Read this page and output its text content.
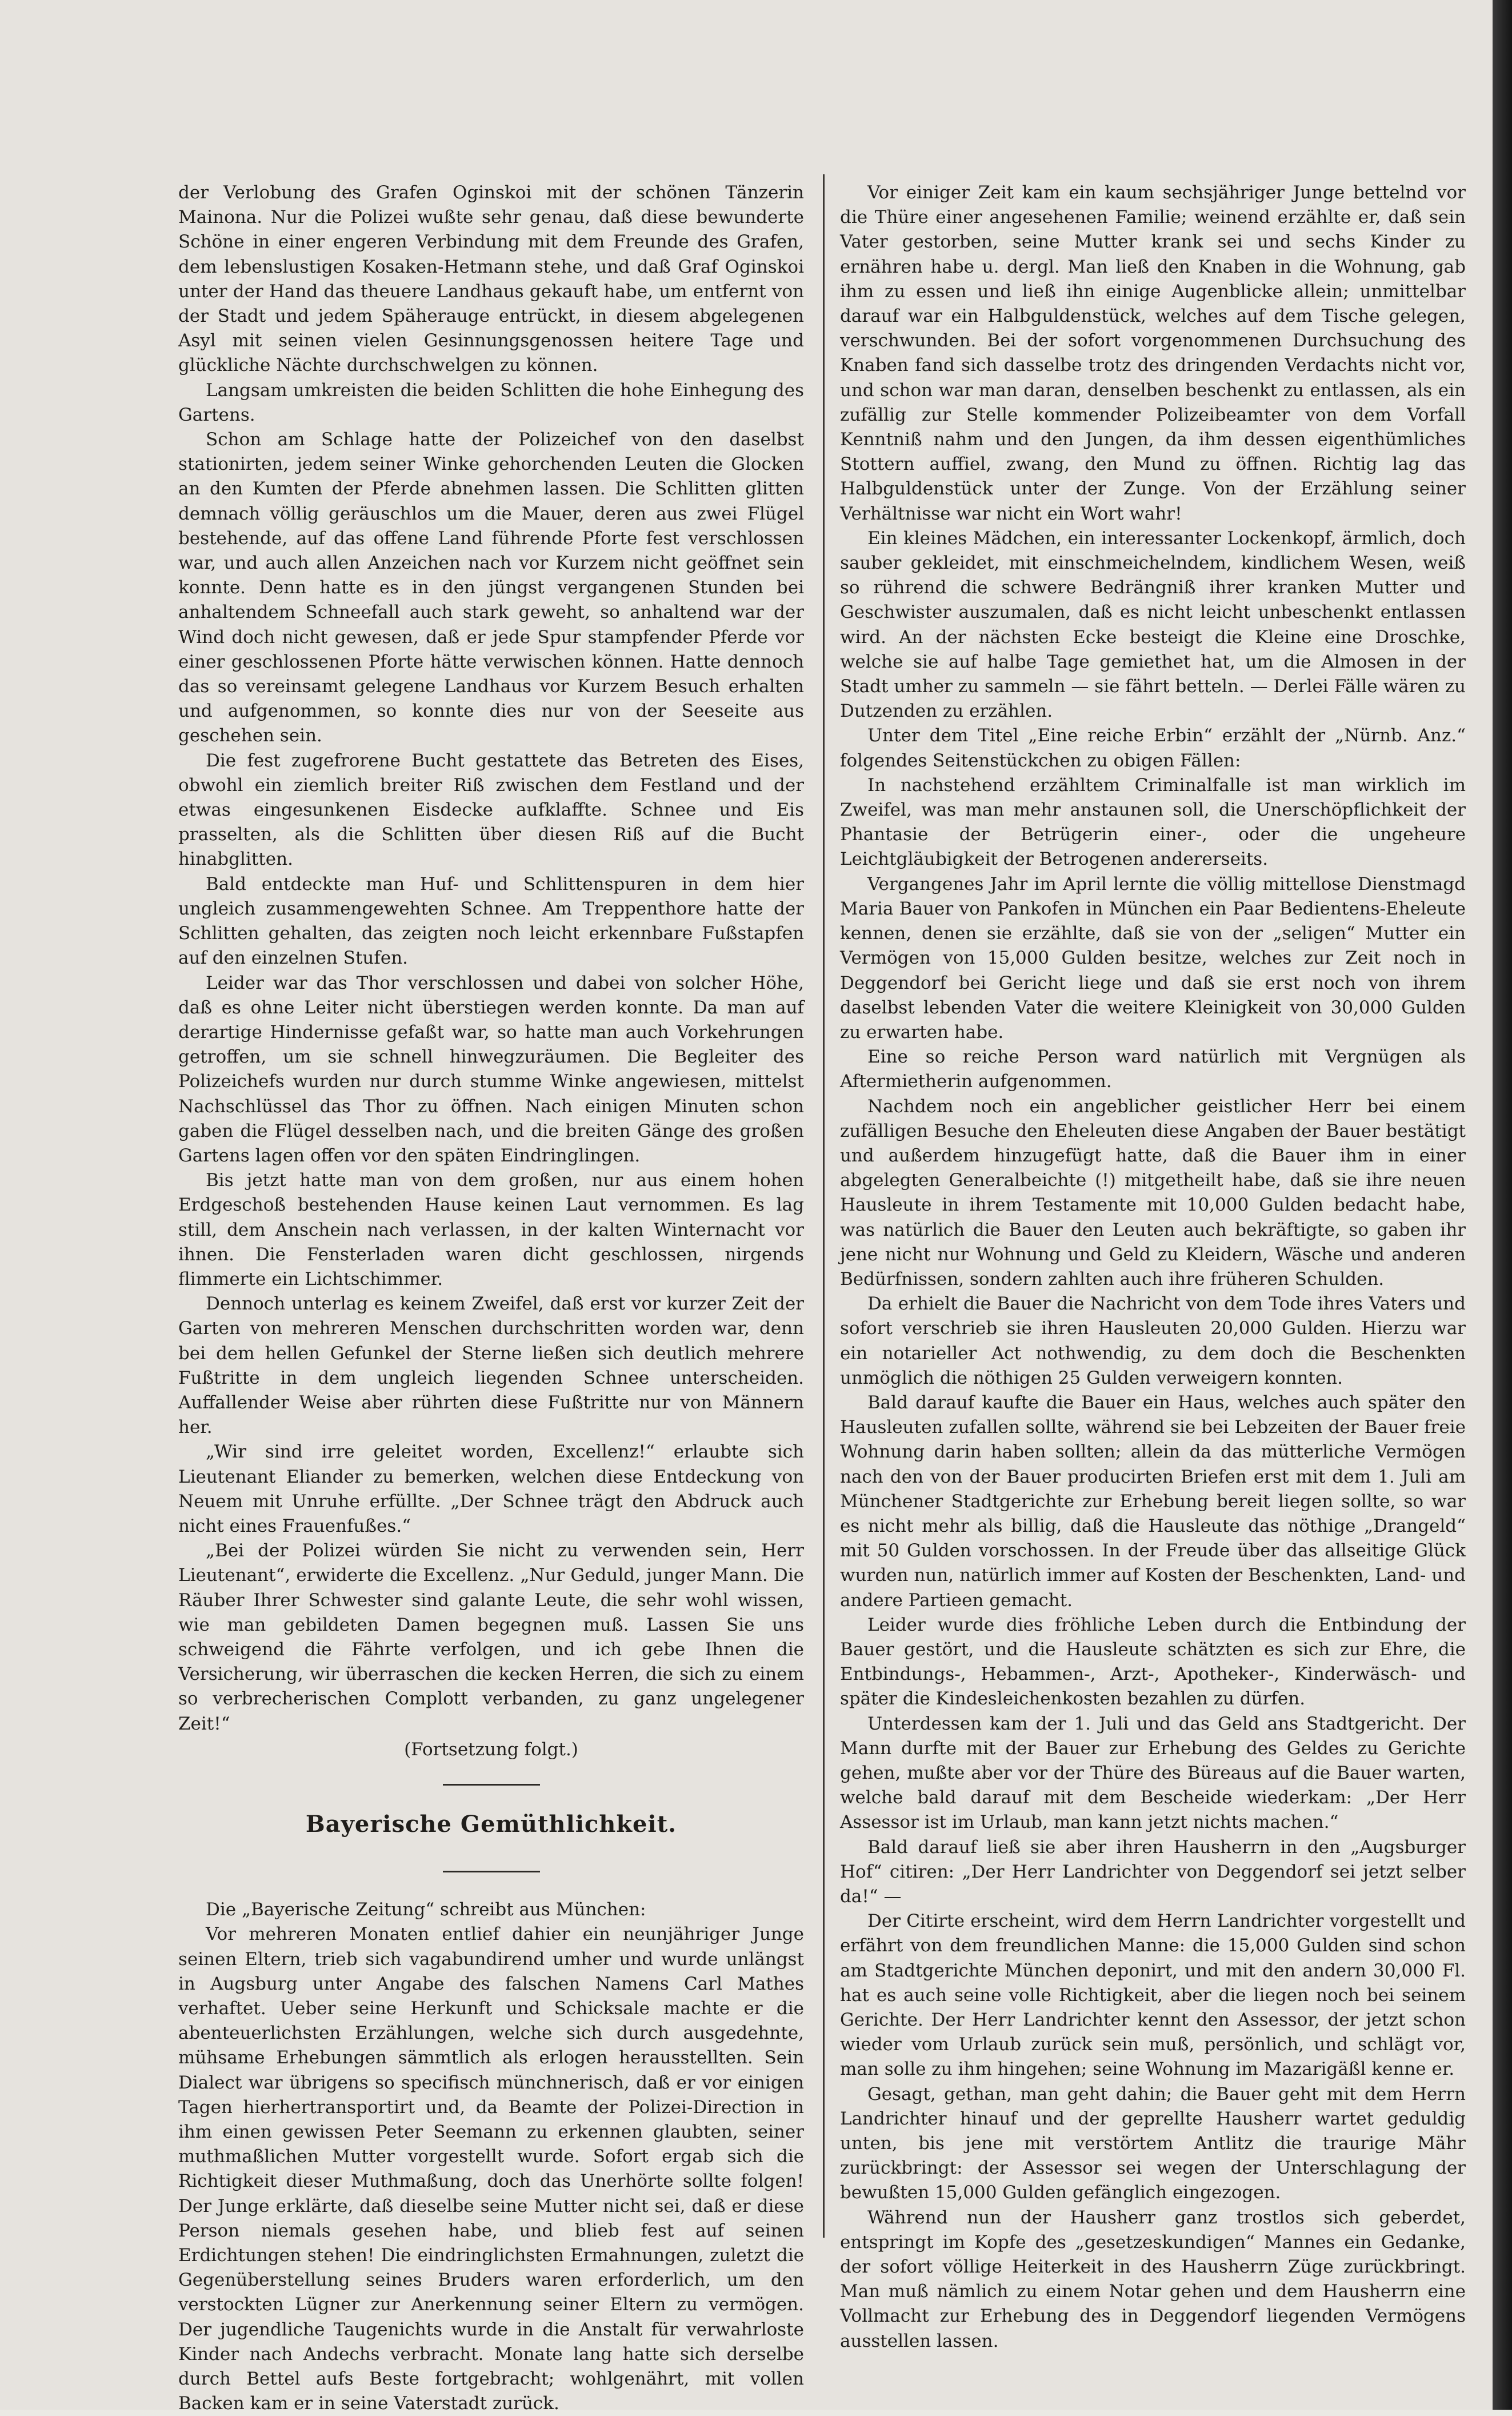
der Verlobung des Grafen Oginskoi mit der schönen Tänzerin Mainona. Nur die Polizei wußte sehr genau, daß diese bewunderte Schöne in einer engeren Verbindung mit dem Freunde des Grafen, dem lebenslustigen Kosaken-Hetmann stehe, und daß Graf Oginskoi unter der Hand das theuere Landhaus gekauft habe, um entfernt von der Stadt und jedem Späherauge entrückt, in diesem abgelegenen Asyl mit seinen vielen Gesinnungsgenossen heitere Tage und glückliche Nächte durchschwelgen zu können.

Langsam umkreisten die beiden Schlitten die hohe Einhegung des Gartens.

Schon am Schlage hatte der Polizeichef von den daselbst stationirten, jedem seiner Winke gehorchenden Leuten die Glocken an den Kumten der Pferde abnehmen lassen. Die Schlitten glitten demnach völlig geräuschlos um die Mauer, deren aus zwei Flügel bestehende, auf das offene Land führende Pforte fest verschlossen war, und auch allen Anzeichen nach vor Kurzem nicht geöffnet sein konnte. Denn hatte es in den jüngst vergangenen Stunden bei anhaltendem Schneefall auch stark geweht, so anhaltend war der Wind doch nicht gewesen, daß er jede Spur stampfender Pferde vor einer geschlossenen Pforte hätte verwischen können. Hatte dennoch das so vereinsamt gelegene Landhaus vor Kurzem Besuch erhalten und aufgenommen, so konnte dies nur von der Seeseite aus geschehen sein.

Die fest zugefrorene Bucht gestattete das Betreten des Eises, obwohl ein ziemlich breiter Riß zwischen dem Festland und der etwas eingesunkenen Eisdecke aufklaffte. Schnee und Eis prasselten, als die Schlitten über diesen Riß auf die Bucht hinabglitten.

Bald entdeckte man Huf- und Schlittenspuren in dem hier ungleich zusammengewehten Schnee. Am Treppenthore hatte der Schlitten gehalten, das zeigten noch leicht erkennbare Fußstapfen auf den einzelnen Stufen.

Leider war das Thor verschlossen und dabei von solcher Höhe, daß es ohne Leiter nicht überstiegen werden konnte. Da man auf derartige Hindernisse gefaßt war, so hatte man auch Vorkehrungen getroffen, um sie schnell hinwegzuräumen. Die Begleiter des Polizeichefs wurden nur durch stumme Winke angewiesen, mittelst Nachschlüssel das Thor zu öffnen. Nach einigen Minuten schon gaben die Flügel desselben nach, und die breiten Gänge des großen Gartens lagen offen vor den späten Eindringlingen.

Bis jetzt hatte man von dem großen, nur aus einem hohen Erdgeschoß bestehenden Hause keinen Laut vernommen. Es lag still, dem Anschein nach verlassen, in der kalten Winternacht vor ihnen. Die Fensterladen waren dicht geschlossen, nirgends flimmerte ein Lichtschimmer.

Dennoch unterlag es keinem Zweifel, daß erst vor kurzer Zeit der Garten von mehreren Menschen durchschritten worden war, denn bei dem hellen Gefunkel der Sterne ließen sich deutlich mehrere Fußtritte in dem ungleich liegenden Schnee unterscheiden. Auffallender Weise aber rührten diese Fußtritte nur von Männern her.

„Wir sind irre geleitet worden, Excellenz!“ erlaubte sich Lieutenant Eliander zu bemerken, welchen diese Entdeckung von Neuem mit Unruhe erfüllte. „Der Schnee trägt den Abdruck auch nicht eines Frauenfußes.“

„Bei der Polizei würden Sie nicht zu verwenden sein, Herr Lieutenant“, erwiderte die Excellenz. „Nur Geduld, junger Mann. Die Räuber Ihrer Schwester sind galante Leute, die sehr wohl wissen, wie man gebildeten Damen begegnen muß. Lassen Sie uns schweigend die Fährte verfolgen, und ich gebe Ihnen die Versicherung, wir überraschen die kecken Herren, die sich zu einem so verbrecherischen Complott verbanden, zu ganz ungelegener Zeit!“

(Fortsetzung folgt.)

Bayerische Gemüthlichkeit.

Die „Bayerische Zeitung“ schreibt aus München:

Vor mehreren Monaten entlief dahier ein neunjähriger Junge seinen Eltern, trieb sich vagabundirend umher und wurde unlängst in Augsburg unter Angabe des falschen Namens Carl Mathes verhaftet. Ueber seine Herkunft und Schicksale machte er die abenteuerlichsten Erzählungen, welche sich durch ausgedehnte, mühsame Erhebungen sämmtlich als erlogen herausstellten. Sein Dialect war übrigens so specifisch münchnerisch, daß er vor einigen Tagen hierhertransportirt und, da Beamte der Polizei-Direction in ihm einen gewissen Peter Seemann zu erkennen glaubten, seiner muthmaßlichen Mutter vorgestellt wurde. Sofort ergab sich die Richtigkeit dieser Muthmaßung, doch das Unerhörte sollte folgen! Der Junge erklärte, daß dieselbe seine Mutter nicht sei, daß er diese Person niemals gesehen habe, und blieb fest auf seinen Erdichtungen stehen! Die eindringlichsten Ermahnungen, zuletzt die Gegenüberstellung seines Bruders waren erforderlich, um den verstockten Lügner zur Anerkennung seiner Eltern zu vermögen. Der jugendliche Taugenichts wurde in die Anstalt für verwahrloste Kinder nach Andechs verbracht. Monate lang hatte sich derselbe durch Bettel aufs Beste fortgebracht; wohlgenährt, mit vollen Backen kam er in seine Vaterstadt zurück.

Vor einiger Zeit kam ein kaum sechsjähriger Junge bettelnd vor die Thüre einer angesehenen Familie; weinend erzählte er, daß sein Vater gestorben, seine Mutter krank sei und sechs Kinder zu ernähren habe u. dergl. Man ließ den Knaben in die Wohnung, gab ihm zu essen und ließ ihn einige Augenblicke allein; unmittelbar darauf war ein Halbguldenstück, welches auf dem Tische gelegen, verschwunden. Bei der sofort vorgenommenen Durchsuchung des Knaben fand sich dasselbe trotz des dringenden Verdachts nicht vor, und schon war man daran, denselben beschenkt zu entlassen, als ein zufällig zur Stelle kommender Polizeibeamter von dem Vorfall Kenntniß nahm und den Jungen, da ihm dessen eigenthümliches Stottern auffiel, zwang, den Mund zu öffnen. Richtig lag das Halbguldenstück unter der Zunge. Von der Erzählung seiner Verhältnisse war nicht ein Wort wahr!

Ein kleines Mädchen, ein interessanter Lockenkopf, ärmlich, doch sauber gekleidet, mit einschmeichelndem, kindlichem Wesen, weiß so rührend die schwere Bedrängniß ihrer kranken Mutter und Geschwister auszumalen, daß es nicht leicht unbeschenkt entlassen wird. An der nächsten Ecke besteigt die Kleine eine Droschke, welche sie auf halbe Tage gemiethet hat, um die Almosen in der Stadt umher zu sammeln — sie fährt betteln. — Derlei Fälle wären zu Dutzenden zu erzählen.

Unter dem Titel „Eine reiche Erbin“ erzählt der „Nürnb. Anz.“ folgendes Seitenstückchen zu obigen Fällen:

In nachstehend erzähltem Criminalfalle ist man wirklich im Zweifel, was man mehr anstaunen soll, die Unerschöpflichkeit der Phantasie der Betrügerin einer-, oder die ungeheure Leichtgläubigkeit der Betrogenen andererseits.

Vergangenes Jahr im April lernte die völlig mittellose Dienstmagd Maria Bauer von Pankofen in München ein Paar Bedientens-Eheleute kennen, denen sie erzählte, daß sie von der „seligen“ Mutter ein Vermögen von 15,000 Gulden besitze, welches zur Zeit noch in Deggendorf bei Gericht liege und daß sie erst noch von ihrem daselbst lebenden Vater die weitere Kleinigkeit von 30,000 Gulden zu erwarten habe.

Eine so reiche Person ward natürlich mit Vergnügen als Aftermietherin aufgenommen.

Nachdem noch ein angeblicher geistlicher Herr bei einem zufälligen Besuche den Eheleuten diese Angaben der Bauer bestätigt und außerdem hinzugefügt hatte, daß die Bauer ihm in einer abgelegten Generalbeichte (!) mitgetheilt habe, daß sie ihre neuen Hausleute in ihrem Testamente mit 10,000 Gulden bedacht habe, was natürlich die Bauer den Leuten auch bekräftigte, so gaben ihr jene nicht nur Wohnung und Geld zu Kleidern, Wäsche und anderen Bedürfnissen, sondern zahlten auch ihre früheren Schulden.

Da erhielt die Bauer die Nachricht von dem Tode ihres Vaters und sofort verschrieb sie ihren Hausleuten 20,000 Gulden. Hierzu war ein notarieller Act nothwendig, zu dem doch die Beschenkten unmöglich die nöthigen 25 Gulden verweigern konnten.

Bald darauf kaufte die Bauer ein Haus, welches auch später den Hausleuten zufallen sollte, während sie bei Lebzeiten der Bauer freie Wohnung darin haben sollten; allein da das mütterliche Vermögen nach den von der Bauer producirten Briefen erst mit dem 1. Juli am Münchener Stadtgerichte zur Erhebung bereit liegen sollte, so war es nicht mehr als billig, daß die Hausleute das nöthige „Drangeld“ mit 50 Gulden vorschossen. In der Freude über das allseitige Glück wurden nun, natürlich immer auf Kosten der Beschenkten, Land- und andere Partieen gemacht.

Leider wurde dies fröhliche Leben durch die Entbindung der Bauer gestört, und die Hausleute schätzten es sich zur Ehre, die Entbindungs-, Hebammen-, Arzt-, Apotheker-, Kinderwäsch- und später die Kindesleichenkosten bezahlen zu dürfen.

Unterdessen kam der 1. Juli und das Geld ans Stadtgericht. Der Mann durfte mit der Bauer zur Erhebung des Geldes zu Gerichte gehen, mußte aber vor der Thüre des Büreaus auf die Bauer warten, welche bald darauf mit dem Bescheide wiederkam: „Der Herr Assessor ist im Urlaub, man kann jetzt nichts machen.“

Bald darauf ließ sie aber ihren Hausherrn in den „Augsburger Hof“ citiren: „Der Herr Landrichter von Deggendorf sei jetzt selber da!“ —

Der Citirte erscheint, wird dem Herrn Landrichter vorgestellt und erfährt von dem freundlichen Manne: die 15,000 Gulden sind schon am Stadtgerichte München deponirt, und mit den andern 30,000 Fl. hat es auch seine volle Richtigkeit, aber die liegen noch bei seinem Gerichte. Der Herr Landrichter kennt den Assessor, der jetzt schon wieder vom Urlaub zurück sein muß, persönlich, und schlägt vor, man solle zu ihm hingehen; seine Wohnung im Mazarigäßl kenne er.

Gesagt, gethan, man geht dahin; die Bauer geht mit dem Herrn Landrichter hinauf und der geprellte Hausherr wartet geduldig unten, bis jene mit verstörtem Antlitz die traurige Mähr zurückbringt: der Assessor sei wegen der Unterschlagung der bewußten 15,000 Gulden gefänglich eingezogen.

Während nun der Hausherr ganz trostlos sich geberdet, entspringt im Kopfe des „gesetzeskundigen“ Mannes ein Gedanke, der sofort völlige Heiterkeit in des Hausherrn Züge zurückbringt. Man muß nämlich zu einem Notar gehen und dem Hausherrn eine Vollmacht zur Erhebung des in Deggendorf liegenden Vermögens ausstellen lassen.
